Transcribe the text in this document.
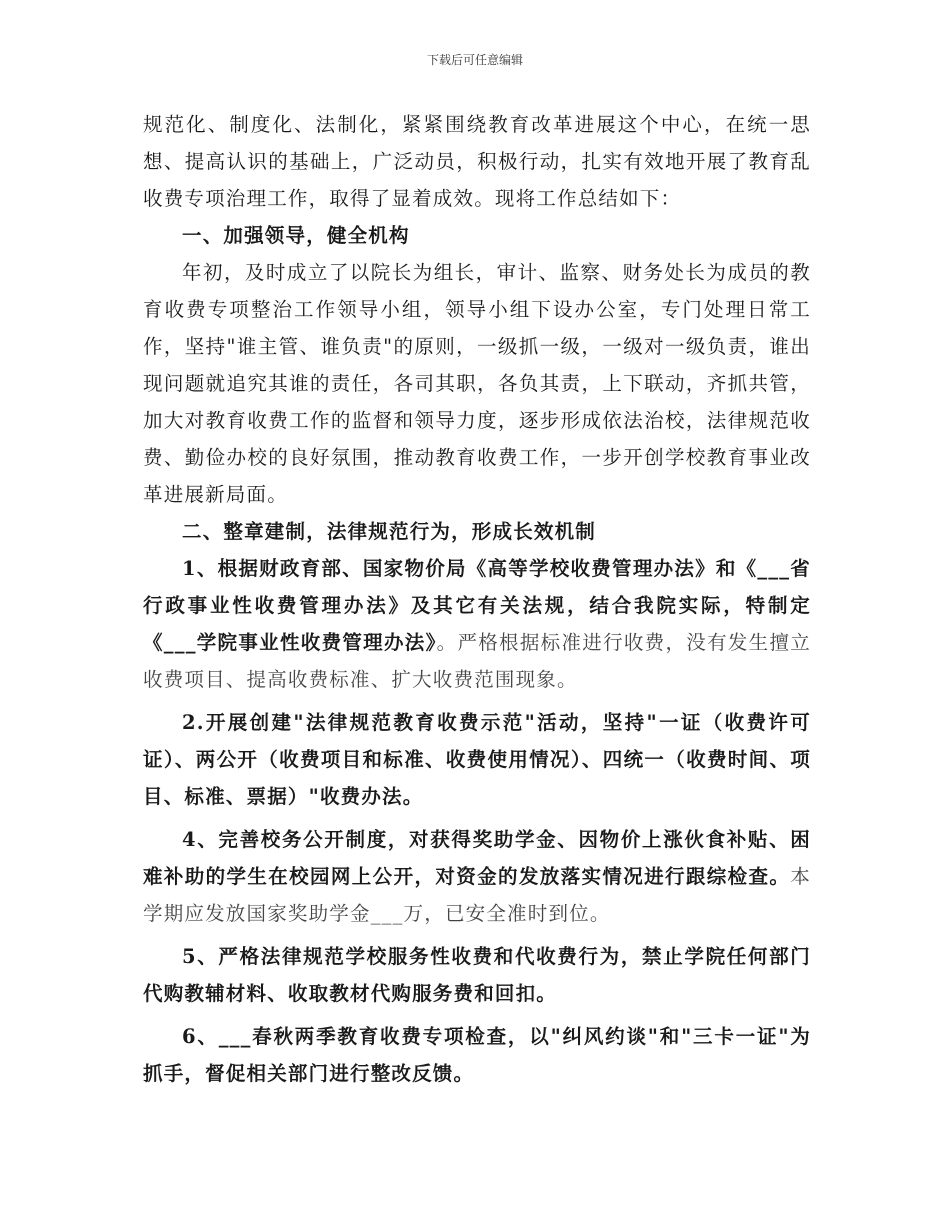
下载后可任意编辑

规范化、制度化、法制化，紧紧围绕教育改革进展这个中心，在统一思想、提高认识的基础上，广泛动员，积极行动，扎实有效地开展了教育乱收费专项治理工作，取得了显着成效。现将工作总结如下：

一、加强领导，健全机构

年初，及时成立了以院长为组长，审计、监察、财务处长为成员的教育收费专项整治工作领导小组，领导小组下设办公室，专门处理日常工作，坚持"谁主管、谁负责"的原则，一级抓一级，一级对一级负责，谁出现问题就追究其谁的责任，各司其职，各负其责，上下联动，齐抓共管，加大对教育收费工作的监督和领导力度，逐步形成依法治校，法律规范收费、勤俭办校的良好氛围，推动教育收费工作，一步开创学校教育事业改革进展新局面。

二、整章建制，法律规范行为，形成长效机制

1、根据财政育部、国家物价局《高等学校收费管理办法》和《___省行政事业性收费管理办法》及其它有关法规，结合我院实际，特制定《___学院事业性收费管理办法》。严格根据标准进行收费，没有发生擅立收费项目、提高收费标准、扩大收费范围现象。

2.开展创建"法律规范教育收费示范"活动，坚持"一证（收费许可证）、两公开（收费项目和标准、收费使用情况）、四统一（收费时间、项目、标准、票据）"收费办法。

4、完善校务公开制度，对获得奖助学金、因物价上涨伙食补贴、困难补助的学生在校园网上公开，对资金的发放落实情况进行跟综检查。本学期应发放国家奖助学金___万，已安全准时到位。

5、严格法律规范学校服务性收费和代收费行为，禁止学院任何部门代购教辅材料、收取教材代购服务费和回扣。

6、___春秋两季教育收费专项检查，以"纠风约谈"和"三卡一证"为抓手，督促相关部门进行整改反馈。
